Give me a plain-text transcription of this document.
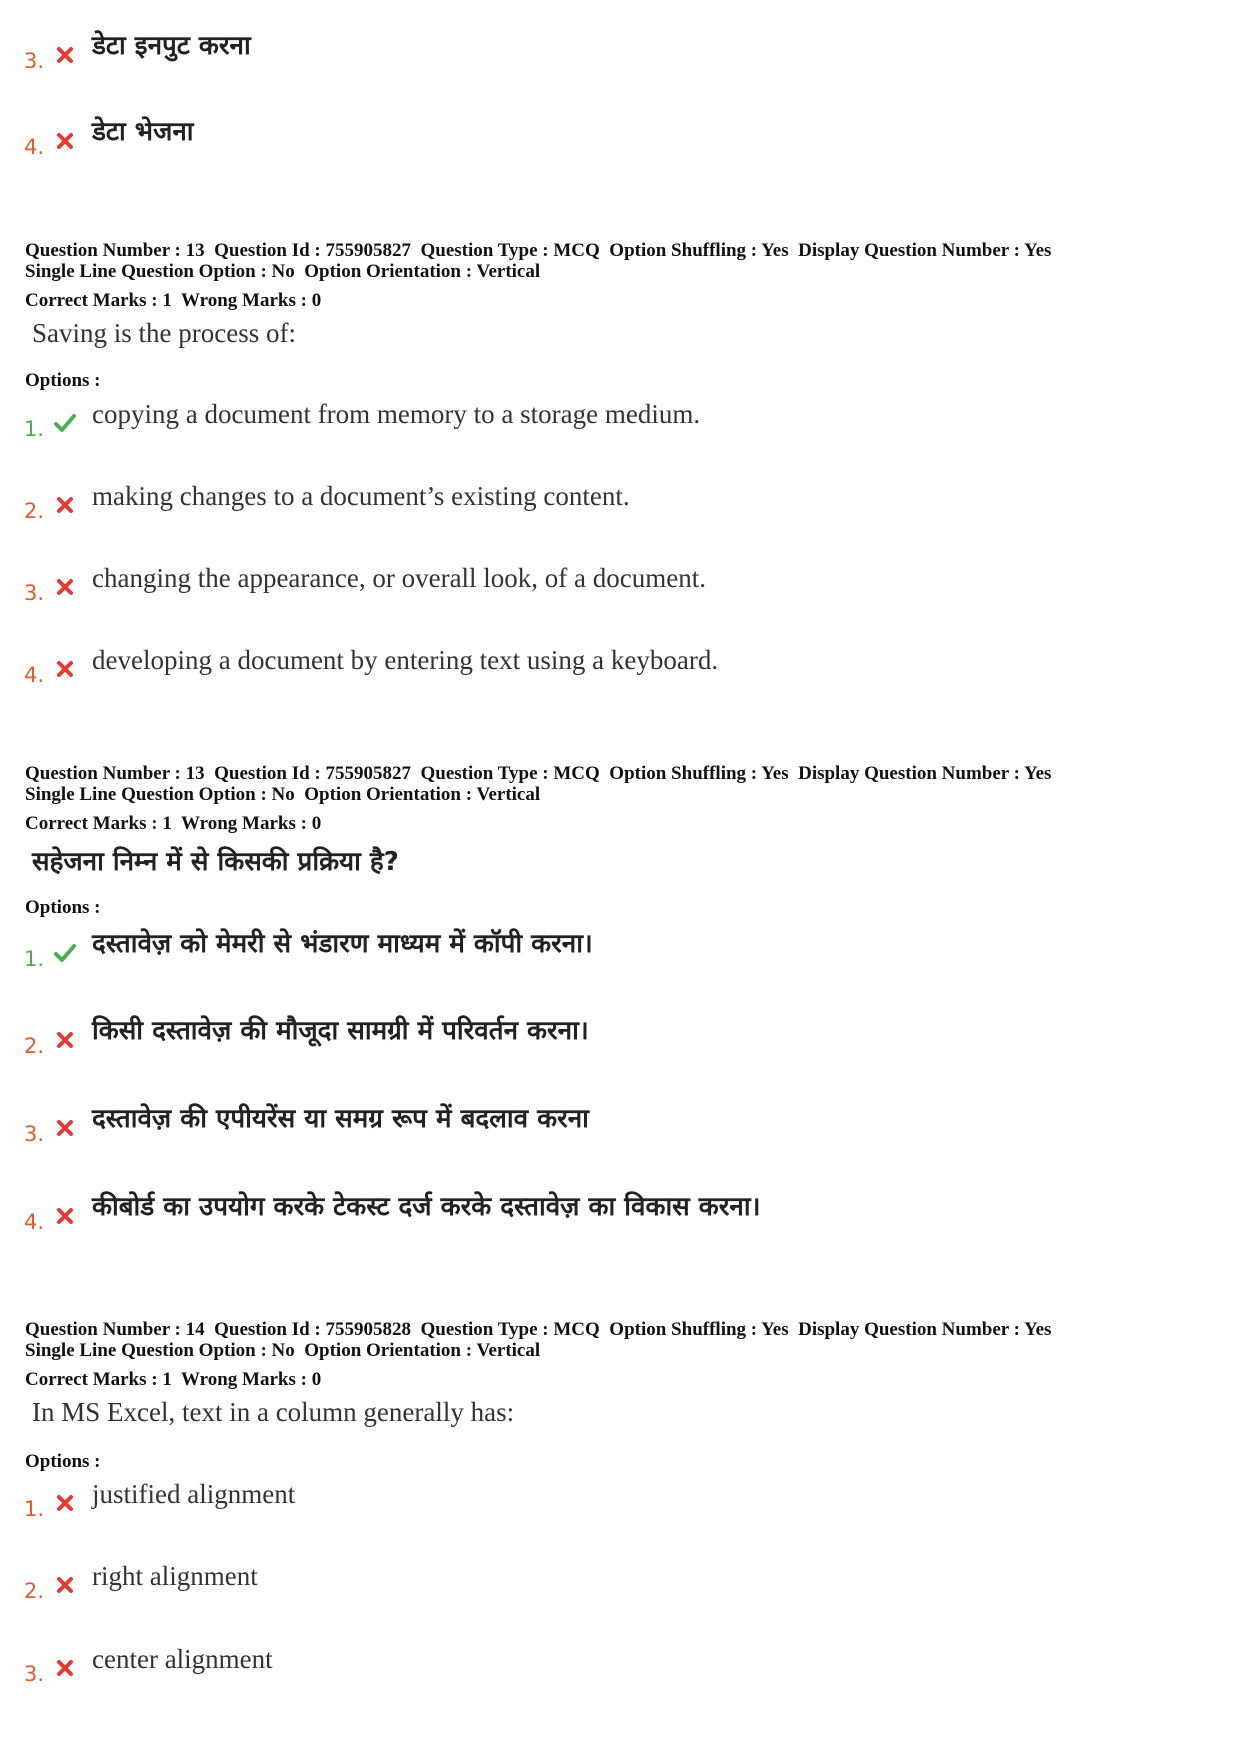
3. डेटा इनपुट करना
4. डेटा भेजना
Question Number : 13  Question Id : 755905827  Question Type : MCQ  Option Shuffling : Yes  Display Question Number : Yes
Single Line Question Option : No  Option Orientation : Vertical
Correct Marks : 1  Wrong Marks : 0
Saving is the process of:
Options :
1. copying a document from memory to a storage medium.
2. making changes to a document’s existing content.
3. changing the appearance, or overall look, of a document.
4. developing a document by entering text using a keyboard.
Question Number : 13  Question Id : 755905827  Question Type : MCQ  Option Shuffling : Yes  Display Question Number : Yes
Single Line Question Option : No  Option Orientation : Vertical
Correct Marks : 1  Wrong Marks : 0
सहेजना निम्न में से किसकी प्रक्रिया है?
Options :
1. दस्तावेज़ को मेमरी से भंडारण माध्यम में कॉपी करना।
2. किसी दस्तावेज़ की मौजूदा सामग्री में परिवर्तन करना।
3. दस्तावेज़ की एपीयरेंस या समग्र रूप में बदलाव करना
4. कीबोर्ड का उपयोग करके टेकस्ट दर्ज करके दस्तावेज़ का विकास करना।
Question Number : 14  Question Id : 755905828  Question Type : MCQ  Option Shuffling : Yes  Display Question Number : Yes
Single Line Question Option : No  Option Orientation : Vertical
Correct Marks : 1  Wrong Marks : 0
In MS Excel, text in a column generally has:
Options :
1. justified alignment
2. right alignment
3. center alignment
